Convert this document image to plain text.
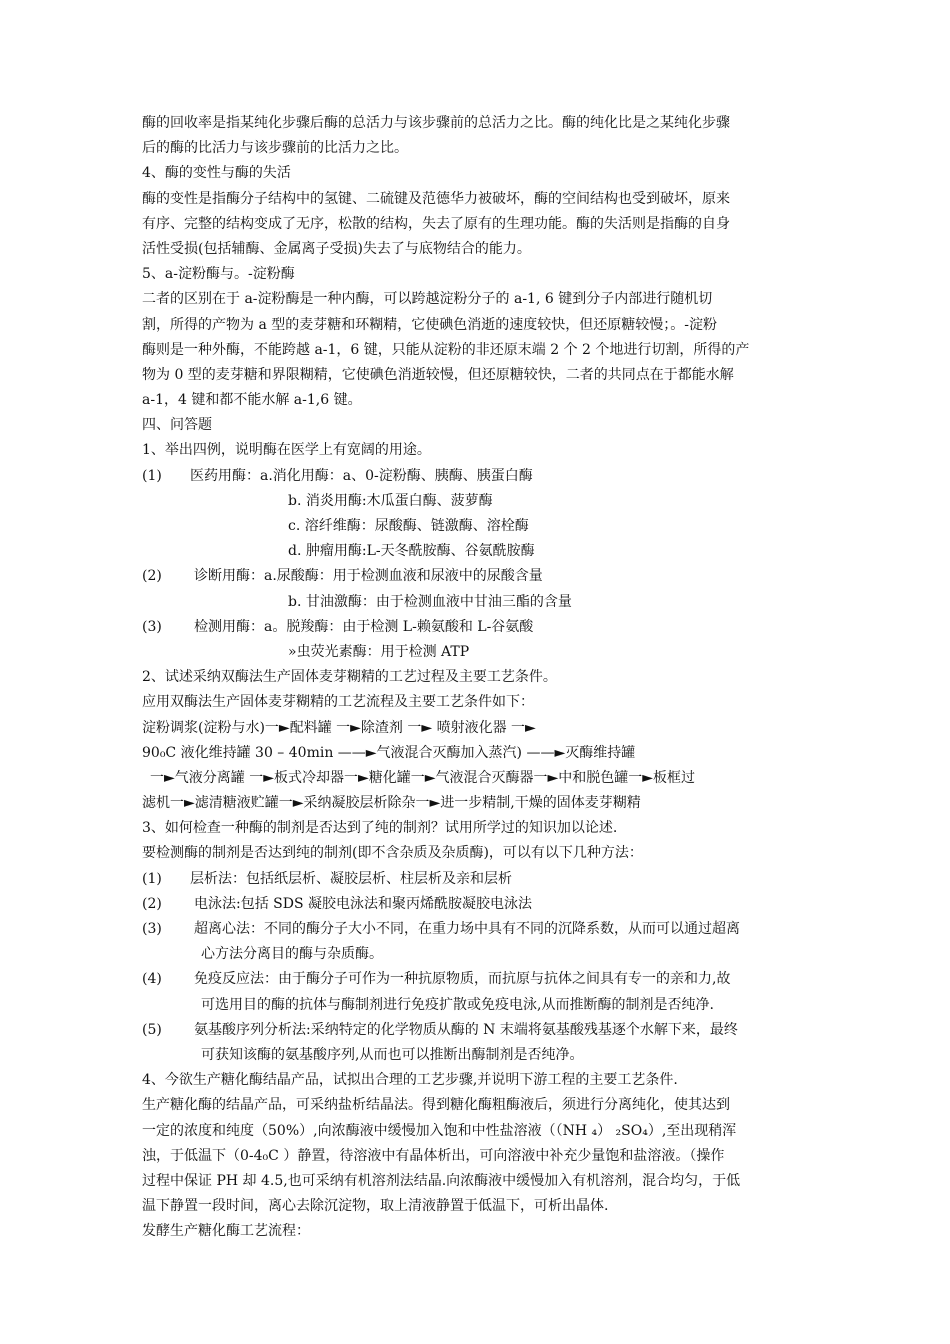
酶的回收率是指某纯化步骤后酶的总活力与该步骤前的总活力之比。酶的纯化比是之某纯化步骤
后的酶的比活力与该步骤前的比活力之比。
4、酶的变性与酶的失活
酶的变性是指酶分子结构中的氢键、二硫键及范德华力被破坏，酶的空间结构也受到破坏，原来
有序、完整的结构变成了无序，松散的结构，失去了原有的生理功能。酶的失活则是指酶的自身
活性受损(包括辅酶、金属离子受损)失去了与底物结合的能力。
5、a-淀粉酶与。-淀粉酶
二者的区别在于 a-淀粉酶是一种内酶，可以跨越淀粉分子的 a-1, 6 键到分子内部进行随机切
割，所得的产物为 a 型的麦芽糖和环糊精，它使碘色消逝的速度较快，但还原糖较慢；。-淀粉
酶则是一种外酶，不能跨越 a-1，6 键，只能从淀粉的非还原末端 2 个 2 个地进行切割，所得的产
物为 0 型的麦芽糖和界限糊精，它使碘色消逝较慢，但还原糖较快，二者的共同点在于都能水解
a-1，4 键和都不能水解 a-1,6 键。
四、问答题
1、举出四例，说明酶在医学上有宽阔的用途。
(1) 医药用酶：a.消化用酶：a、0-淀粉酶、胰酶、胰蛋白酶
b. 消炎用酶:木瓜蛋白酶、菠萝酶
c. 溶纤维酶：尿酸酶、链激酶、溶栓酶
d. 肿瘤用酶:L-天冬酰胺酶、谷氨酰胺酶
(2) 诊断用酶：a.尿酸酶：用于检测血液和尿液中的尿酸含量
b. 甘油激酶：由于检测血液中甘油三酯的含量
(3) 检测用酶：a。脱羧酶：由于检测 L-赖氨酸和 L-谷氨酸
»虫荧光素酶：用于检测 ATP
2、试述采纳双酶法生产固体麦芽糊精的工艺过程及主要工艺条件。
应用双酶法生产固体麦芽糊精的工艺流程及主要工艺条件如下：
淀粉调浆(淀粉与水)一►配料罐 一►除渣剂 一► 喷射液化器 一►
90₀C 液化维持罐 30 – 40min ——►气液混合灭酶加入蒸汽) ——►灭酶维持罐
一►气液分离罐 一►板式冷却器一►糖化罐一►气液混合灭酶器一►中和脱色罐一►板框过
滤机一►滤清糖液贮罐一►采纳凝胶层析除杂一►进一步精制,干燥的固体麦芽糊精
3、如何检查一种酶的制剂是否达到了纯的制剂？试用所学过的知识加以论述.
要检测酶的制剂是否达到纯的制剂(即不含杂质及杂质酶)，可以有以下几种方法：
(1) 层析法：包括纸层析、凝胶层析、柱层析及亲和层析
(2) 电泳法:包括 SDS 凝胶电泳法和聚丙烯酰胺凝胶电泳法
(3) 超离心法：不同的酶分子大小不同，在重力场中具有不同的沉降系数，从而可以通过超离
心方法分离目的酶与杂质酶。
(4) 免疫反应法：由于酶分子可作为一种抗原物质，而抗原与抗体之间具有专一的亲和力,故
可选用目的酶的抗体与酶制剂进行免疫扩散或免疫电泳,从而推断酶的制剂是否纯净.
(5) 氨基酸序列分析法:采纳特定的化学物质从酶的 N 末端将氨基酸残基逐个水解下来，最终
可获知该酶的氨基酸序列,从而也可以推断出酶制剂是否纯净。
4、今欲生产糖化酶结晶产品，试拟出合理的工艺步骤,并说明下游工程的主要工艺条件.
生产糖化酶的结晶产品，可采纳盐析结晶法。得到糖化酶粗酶液后，须进行分离纯化，使其达到
一定的浓度和纯度（50%）,向浓酶液中缓慢加入饱和中性盐溶液（（NH ₄） ₂SO₄）,至出现稍浑
浊，于低温下（0-4₀C ）静置，待溶液中有晶体析出，可向溶液中补充少量饱和盐溶液。（操作
过程中保证 PH 却 4.5,也可采纳有机溶剂法结晶.向浓酶液中缓慢加入有机溶剂，混合均匀，于低
温下静置一段时间，离心去除沉淀物，取上清液静置于低温下，可析出晶体.
发酵生产糖化酶工艺流程：
